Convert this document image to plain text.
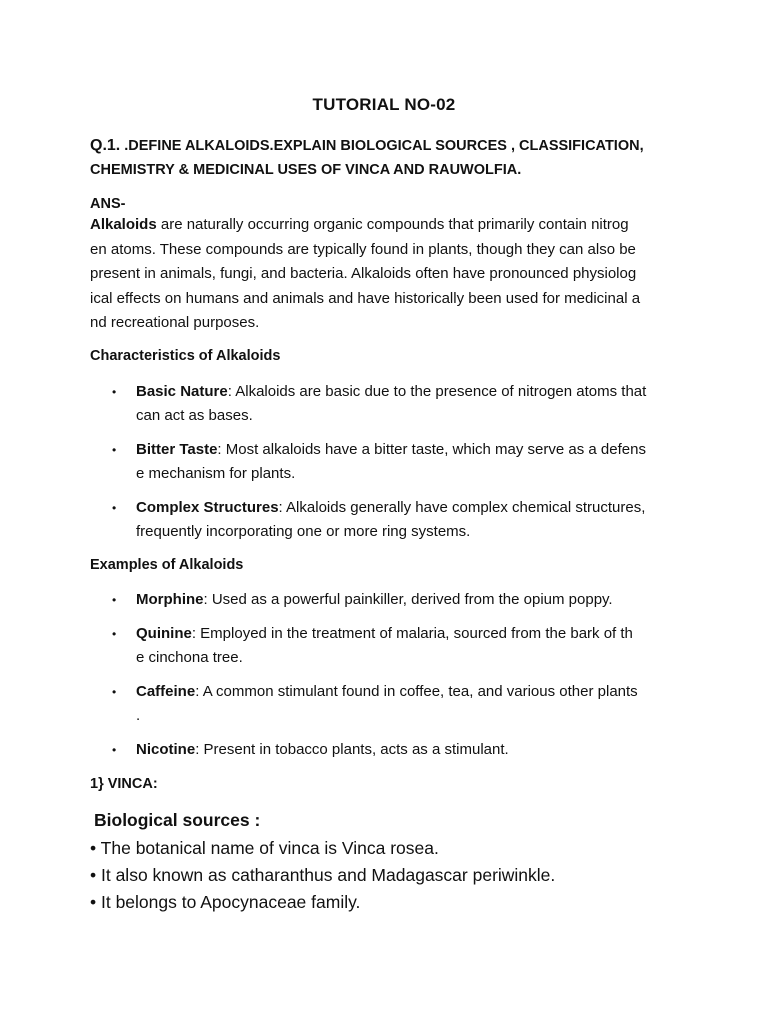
TUTORIAL NO-02
Q.1. .DEFINE ALKALOIDS.EXPLAIN BIOLOGICAL SOURCES , CLASSIFICATION,
CHEMISTRY & MEDICINAL USES OF VINCA AND RAUWOLFIA.
ANS-
Alkaloids are naturally occurring organic compounds that primarily contain nitrog
en atoms. These compounds are typically found in plants, though they can also be
present in animals, fungi, and bacteria. Alkaloids often have pronounced physiolog
ical effects on humans and animals and have historically been used for medicinal a
nd recreational purposes.
Characteristics of Alkaloids
• Basic Nature: Alkaloids are basic due to the presence of nitrogen atoms that
can act as bases.
• Bitter Taste: Most alkaloids have a bitter taste, which may serve as a defens
e mechanism for plants.
• Complex Structures: Alkaloids generally have complex chemical structures,
frequently incorporating one or more ring systems.
Examples of Alkaloids
• Morphine: Used as a powerful painkiller, derived from the opium poppy.
• Quinine: Employed in the treatment of malaria, sourced from the bark of th
e cinchona tree.
• Caffeine: A common stimulant found in coffee, tea, and various other plants
.
• Nicotine: Present in tobacco plants, acts as a stimulant.
1} VINCA:
Biological sources :
• The botanical name of vinca is Vinca rosea.
• It also known as catharanthus and Madagascar periwinkle.
• It belongs to Apocynaceae family.
